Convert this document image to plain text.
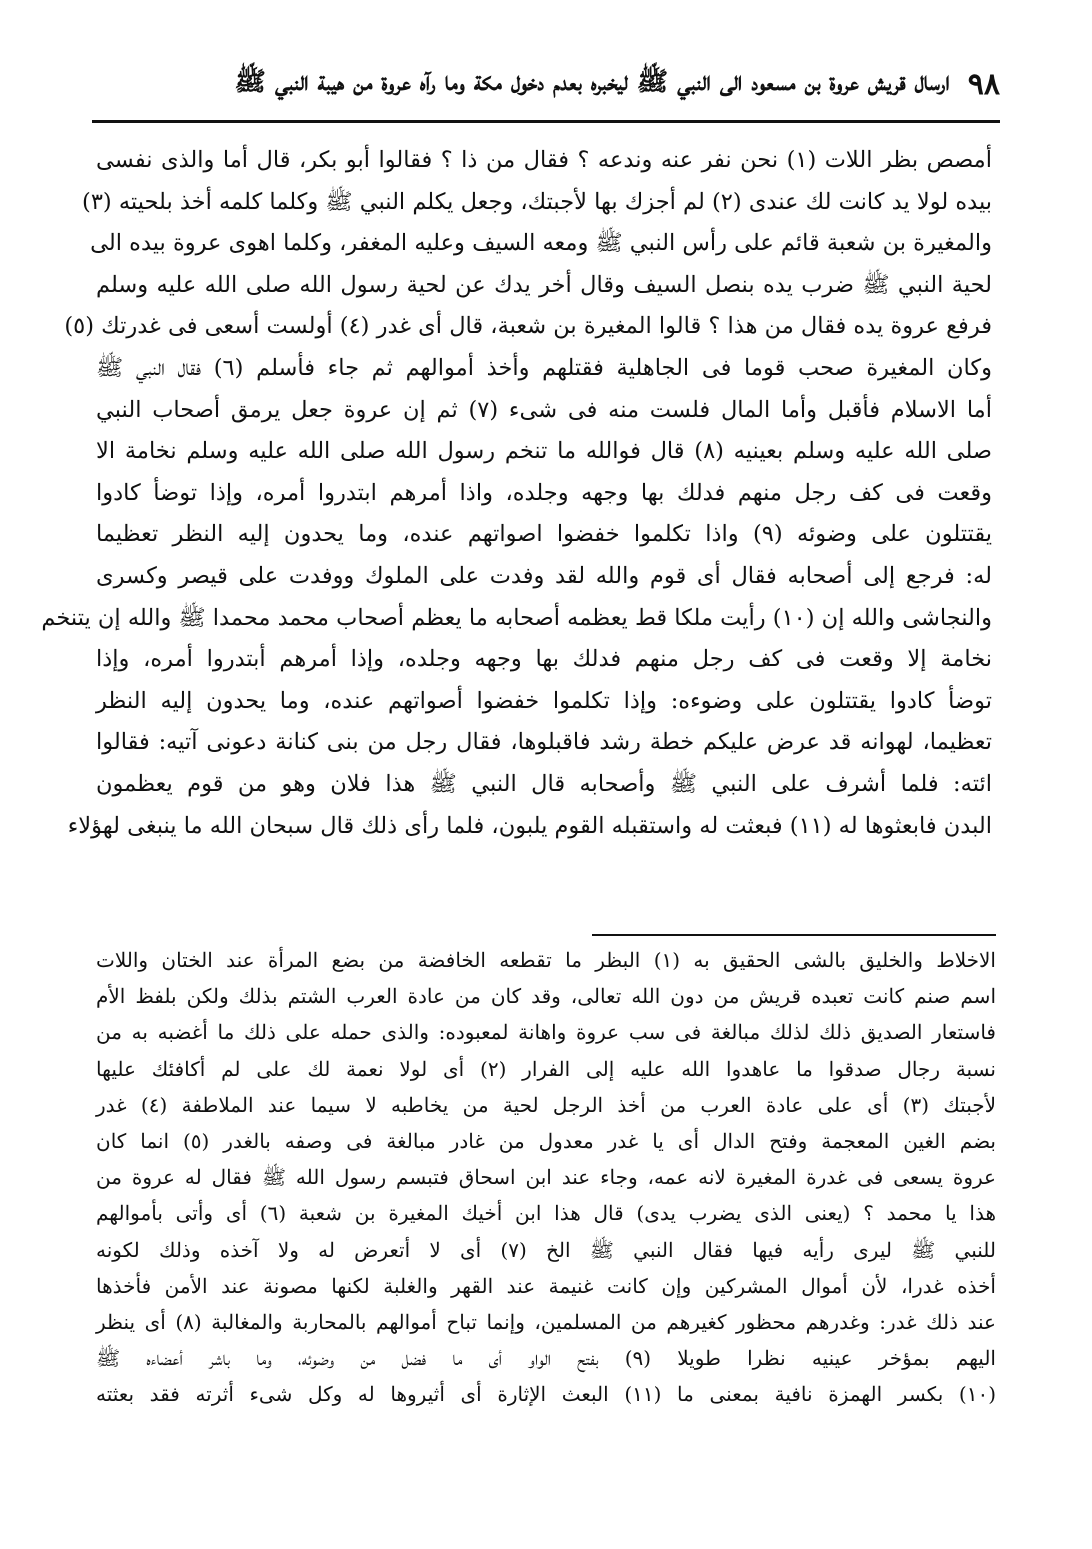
٩٨
ارسال قريش عروة بن مسعود الى النبي ﷺ ليخبره بعدم دخول مكة وما رآه عروة من هيبة النبي ﷺ
أمصص بظر اللات (١) نحن نفر عنه وندعه ؟ فقال من ذا ؟ فقالوا أبو بكر، قال أما والذى نفسى
بيده لولا يد كانت لك عندى (٢) لم أجزك بها لأجبتك، وجعل يكلم النبي ﷺ وكلما كلمه أخذ بلحيته (٣)
والمغيرة بن شعبة قائم على رأس النبي ﷺ ومعه السيف وعليه المغفر، وكلما اهوى عروة بيده الى
لحية النبي ﷺ ضرب يده بنصل السيف وقال أخر يدك عن لحية رسول الله صلى الله عليه وسلم
فرفع عروة يده فقال من هذا ؟ قالوا المغيرة بن شعبة، قال أى غدر (٤) أولست أسعى فى غدرتك (٥)
وكان المغيرة صحب قوما فى الجاهلية فقتلهم وأخذ أموالهم ثم جاء فأسلم (٦) فقال النبي ﷺ
أما الاسلام فأقبل وأما المال فلست منه فى شىء (٧) ثم إن عروة جعل يرمق أصحاب النبي
صلى الله عليه وسلم بعينيه (٨) قال فوالله ما تنخم رسول الله صلى الله عليه وسلم نخامة الا
وقعت فى كف رجل منهم فدلك بها وجهه وجلده، واذا أمرهم ابتدروا أمره، وإذا توضأ كادوا
يقتتلون على وضوئه (٩) واذا تكلموا خفضوا اصواتهم عنده، وما يحدون إليه النظر تعظيما
له: فرجع إلى أصحابه فقال أى قوم والله لقد وفدت على الملوك ووفدت على قيصر وكسرى
والنجاشى والله إن (١٠) رأيت ملكا قط يعظمه أصحابه ما يعظم أصحاب محمد محمدا ﷺ والله إن يتنخم
نخامة إلا وقعت فى كف رجل منهم فدلك بها وجهه وجلده، وإذا أمرهم أبتدروا أمره، وإذا
توضأ كادوا يقتتلون على وضوءه: وإذا تكلموا خفضوا أصواتهم عنده، وما يحدون إليه النظر
تعظيما، لهوانه قد عرض عليكم خطة رشد فاقبلوها، فقال رجل من بنى كنانة دعونى آتيه: فقالوا
ائته: فلما أشرف على النبي ﷺ وأصحابه قال النبي ﷺ هذا فلان وهو من قوم يعظمون
البدن فابعثوها له (١١) فبعثت له واستقبله القوم يلبون، فلما رأى ذلك قال سبحان الله ما ينبغى لهؤلاء
الاخلاط والخليق بالشى الحقيق به (١) البظر ما تقطعه الخافضة من بضع المرأة عند الختان واللات
اسم صنم كانت تعبده قريش من دون الله تعالى، وقد كان من عادة العرب الشتم بذلك ولكن بلفظ الأم
فاستعار الصديق ذلك لذلك مبالغة فى سب عروة واهانة لمعبوده: والذى حمله على ذلك ما أغضبه به من
نسبة رجال صدقوا ما عاهدوا الله عليه إلى الفرار (٢) أى لولا نعمة لك على لم أكافئك عليها
لأجبتك (٣) أى على عادة العرب من أخذ الرجل لحية من يخاطبه لا سيما عند الملاطفة (٤) غدر
بضم الغين المعجمة وفتح الدال أى يا غدر معدول من غادر مبالغة فى وصفه بالغدر (٥) انما كان
عروة يسعى فى غدرة المغيرة لانه عمه، وجاء عند ابن اسحاق فتبسم رسول الله ﷺ فقال له عروة من
هذا يا محمد ؟ (يعنى الذى يضرب يدى) قال هذا ابن أخيك المغيرة بن شعبة (٦) أى وأتى بأموالهم
للنبي ﷺ ليرى رأيه فيها فقال النبي ﷺ الخ (٧) أى لا أتعرض له ولا آخذه وذلك لكونه
أخذه غدرا، لأن أموال المشركين وإن كانت غنيمة عند القهر والغلبة لكنها مصونة عند الأمن فأخذها
عند ذلك غدر: وغدرهم محظور كغيرهم من المسلمين، وإنما تباح أموالهم بالمحاربة والمغالبة (٨) أى ينظر
اليهم بمؤخر عينيه نظرا طويلا (٩) بفتح الواو أى ما فضل من وضوئه، وما باشر أعضاءه ﷺ
(١٠) بكسر الهمزة نافية بمعنى ما (١١) البعث الإثارة أى أثيروها له وكل شىء أثرته فقد بعثته
